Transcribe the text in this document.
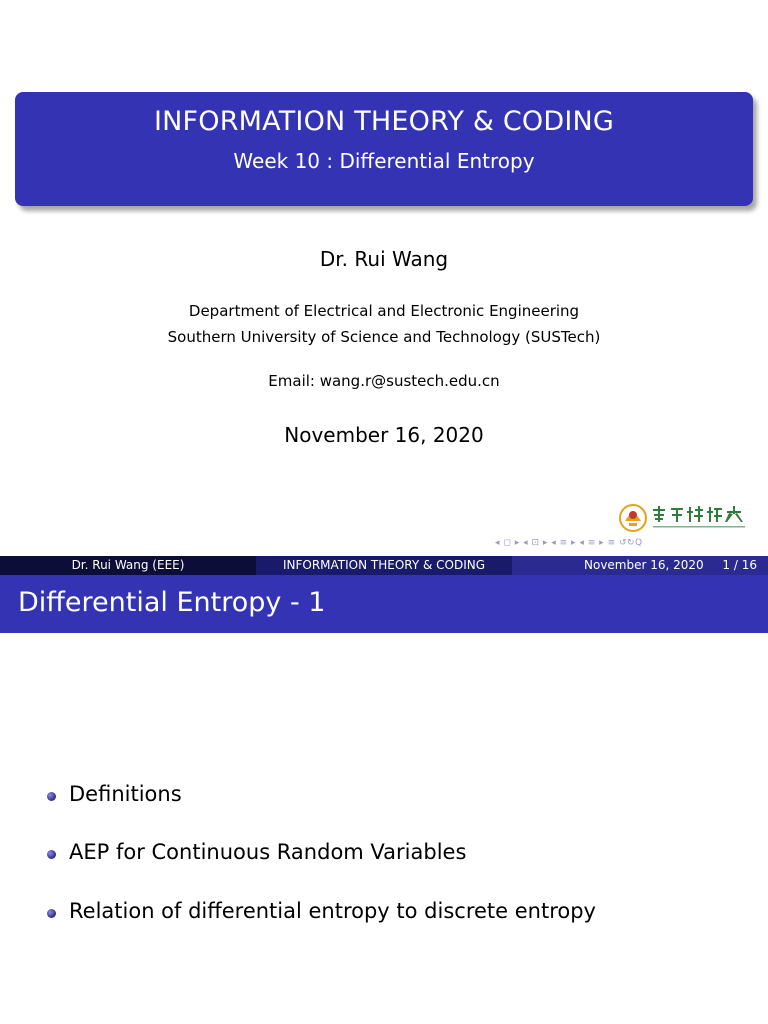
INFORMATION THEORY & CODING
Week 10 : Differential Entropy
Dr. Rui Wang
Department of Electrical and Electronic Engineering
Southern University of Science and Technology (SUSTech)
Email: wang.r@sustech.edu.cn
November 16, 2020
◂ ◻ ▸ ◂ ⊡ ▸ ◂ ≡ ▸ ◂ ≡ ▸ ≡ ↺↻Q
Dr. Rui Wang (EEE)	INFORMATION THEORY & CODING	November 16, 2020 1 / 16
Differential Entropy - 1
Definitions
AEP for Continuous Random Variables
Relation of differential entropy to discrete entropy
